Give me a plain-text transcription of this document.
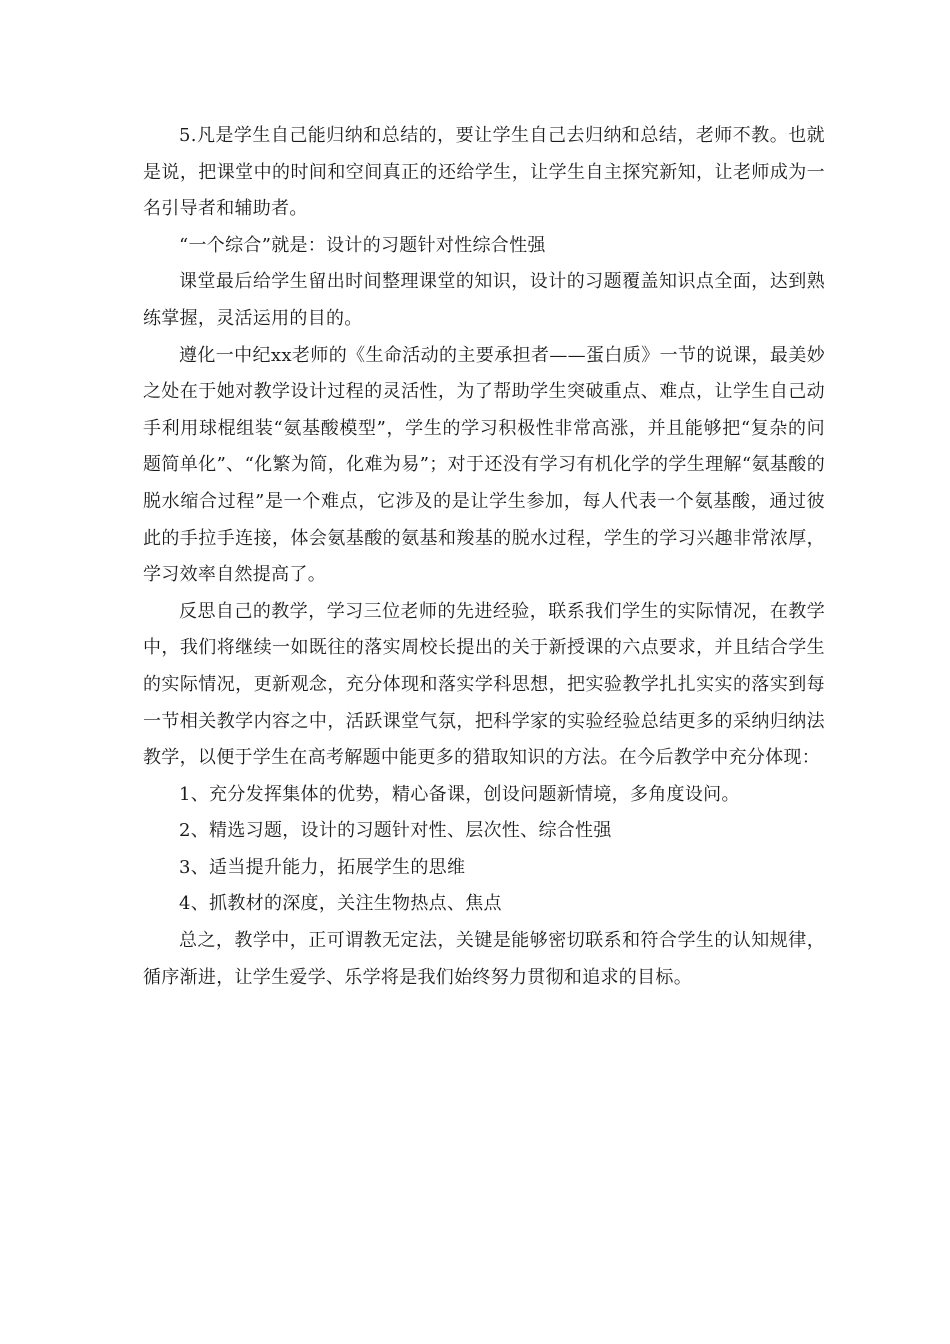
5.凡是学生自己能归纳和总结的，要让学生自己去归纳和总结，老师不教。也就是说，把课堂中的时间和空间真正的还给学生，让学生自主探究新知，让老师成为一名引导者和辅助者。

“一个综合”就是：设计的习题针对性综合性强

课堂最后给学生留出时间整理课堂的知识，设计的习题覆盖知识点全面，达到熟练掌握，灵活运用的目的。

遵化一中纪xx老师的《生命活动的主要承担者——蛋白质》一节的说课，最美妙之处在于她对教学设计过程的灵活性，为了帮助学生突破重点、难点，让学生自己动手利用球棍组装“氨基酸模型”，学生的学习积极性非常高涨，并且能够把“复杂的问题简单化”、“化繁为简，化难为易”；对于还没有学习有机化学的学生理解“氨基酸的脱水缩合过程”是一个难点，它涉及的是让学生参加，每人代表一个氨基酸，通过彼此的手拉手连接，体会氨基酸的氨基和羧基的脱水过程，学生的学习兴趣非常浓厚，学习效率自然提高了。

反思自己的教学，学习三位老师的先进经验，联系我们学生的实际情况，在教学中，我们将继续一如既往的落实周校长提出的关于新授课的六点要求，并且结合学生的实际情况，更新观念，充分体现和落实学科思想，把实验教学扎扎实实的落实到每一节相关教学内容之中，活跃课堂气氛，把科学家的实验经验总结更多的采纳归纳法教学，以便于学生在高考解题中能更多的猎取知识的方法。在今后教学中充分体现：

1、充分发挥集体的优势，精心备课，创设问题新情境，多角度设问。

2、精选习题，设计的习题针对性、层次性、综合性强

3、适当提升能力，拓展学生的思维

4、抓教材的深度，关注生物热点、焦点

总之，教学中，正可谓教无定法，关键是能够密切联系和符合学生的认知规律，循序渐进，让学生爱学、乐学将是我们始终努力贯彻和追求的目标。
